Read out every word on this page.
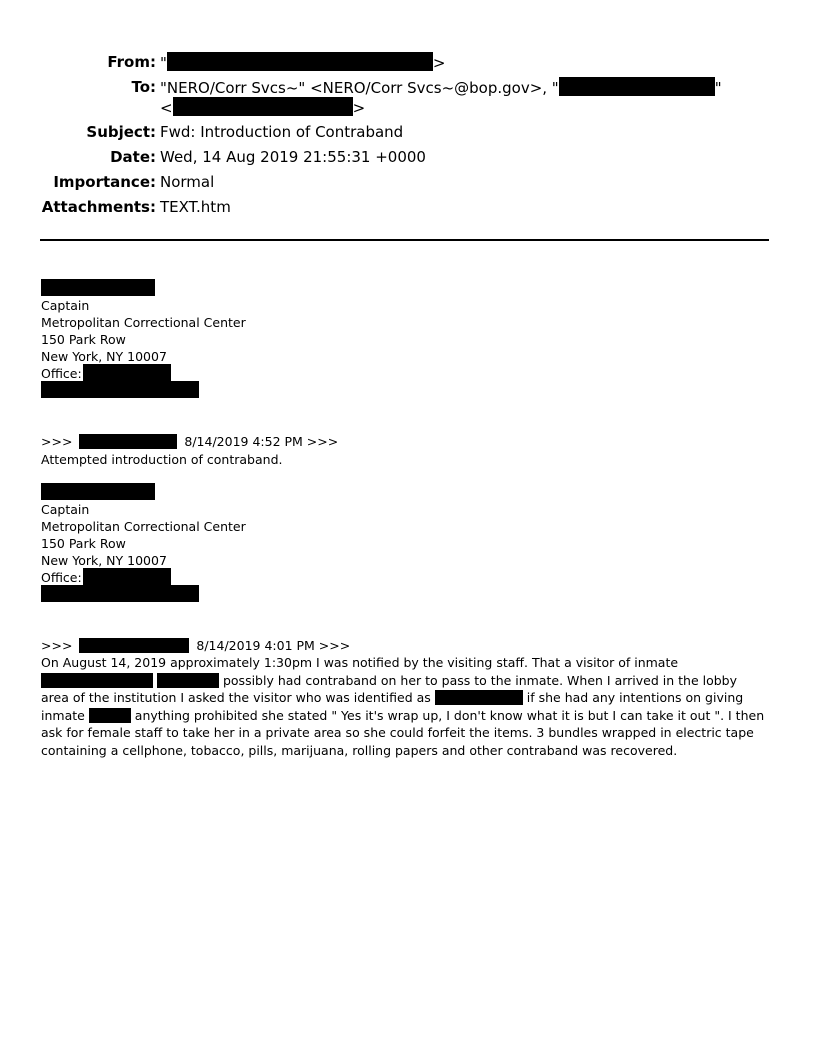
From: "	>
To: "NERO/Corr Svcs~" <NERO/Corr Svcs~@bop.gov>, "	"
<	>
Subject: Fwd: Introduction of Contraband
Date: Wed, 14 Aug 2019 21:55:31 +0000
Importance: Normal
Attachments: TEXT.htm
Captain
Metropolitan Correctional Center
150 Park Row
New York, NY 10007
Office:
>>>	8/14/2019 4:52 PM >>>
Attempted introduction of contraband.
Captain
Metropolitan Correctional Center
150 Park Row
New York, NY 10007
Office:
>>>	8/14/2019 4:01 PM >>>
On August 14, 2019 approximately 1:30pm I was notified by the visiting staff. That a visitor of inmate   possibly had contraband on her to pass to the inmate. When I arrived in the lobby area of the institution I asked the visitor who was identified as	if she had any intentions on giving inmate	anything prohibited she stated " Yes it's wrap up, I don't know what it is but I can take it out ". I then ask for female staff to take her in a private area so she could forfeit the items. 3 bundles wrapped in electric tape containing a cellphone, tobacco, pills, marijuana, rolling papers and other contraband was recovered.
